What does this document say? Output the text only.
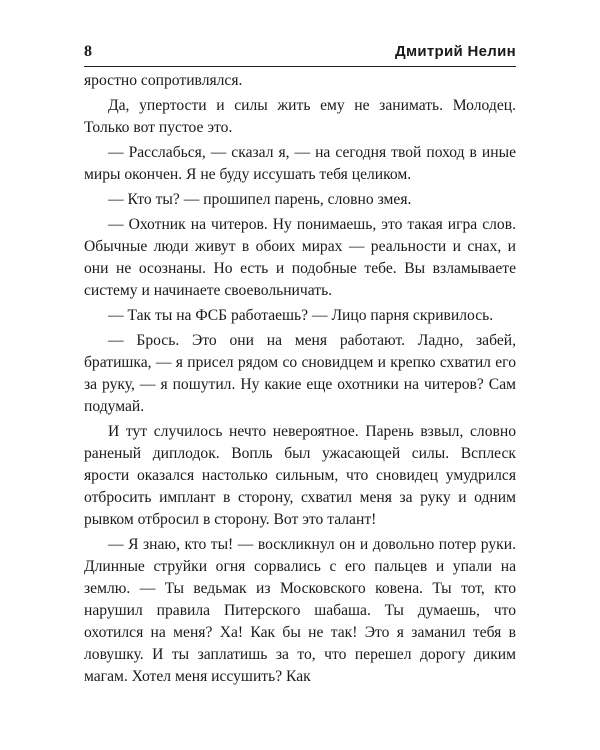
8	Дмитрий Нелин

яростно сопротивлялся.

Да, упертости и силы жить ему не занимать. Молодец. Только вот пустое это.

— Расслабься, — сказал я, — на сегодня твой поход в иные миры окончен. Я не буду иссушать тебя целиком.

— Кто ты? — прошипел парень, словно змея.

— Охотник на читеров. Ну понимаешь, это такая игра слов. Обычные люди живут в обоих мирах — реальности и снах, и они не осознаны. Но есть и подобные тебе. Вы взламываете систему и начинаете своевольничать.

— Так ты на ФСБ работаешь? — Лицо парня скривилось.

— Брось. Это они на меня работают. Ладно, забей, братишка, — я присел рядом со сновидцем и крепко схватил его за руку, — я пошутил. Ну какие еще охотники на читеров? Сам подумай.

И тут случилось нечто невероятное. Парень взвыл, словно раненый диплодок. Вопль был ужасающей силы. Всплеск ярости оказался настолько сильным, что сновидец умудрился отбросить имплант в сторону, схватил меня за руку и одним рывком отбросил в сторону. Вот это талант!

— Я знаю, кто ты! — воскликнул он и довольно потер руки. Длинные струйки огня сорвались с его пальцев и упали на землю. — Ты ведьмак из Московского ковена. Ты тот, кто нарушил правила Питерского шабаша. Ты думаешь, что охотился на меня? Ха! Как бы не так! Это я заманил тебя в ловушку. И ты заплатишь за то, что перешел дорогу диким магам. Хотел меня иссушить? Как
